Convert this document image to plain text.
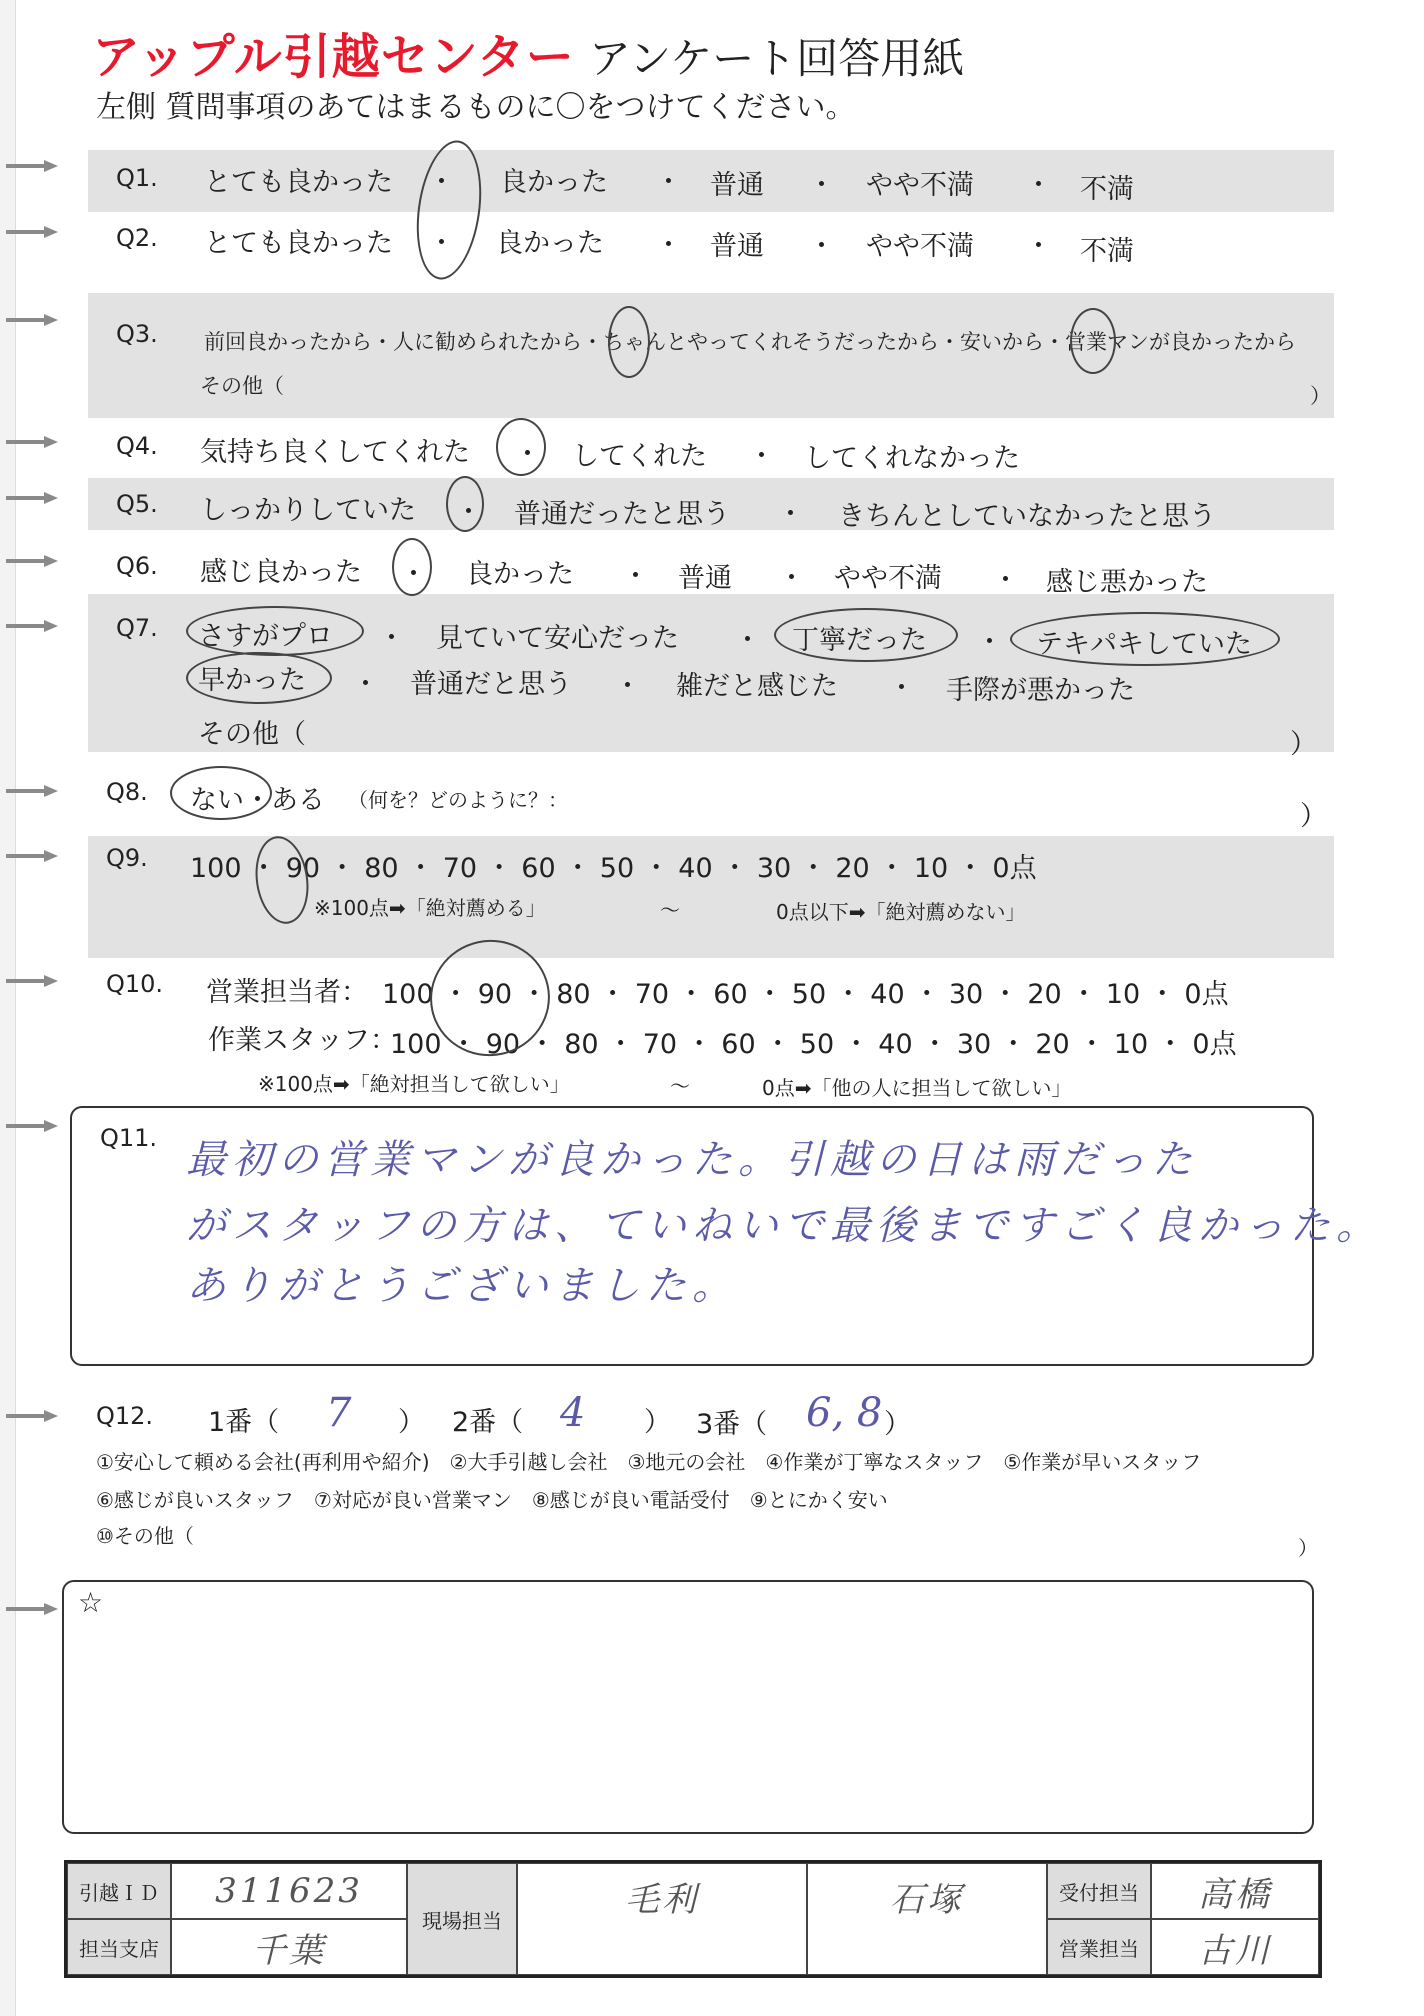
アップル引越センター アンケート回答用紙
左側 質問事項のあてはまるものに〇をつけてください。
Q1. とても良かった ・ 良かった ・ 普通 ・ やや不満 ・ 不満
Q2. とても良かった ・ 良かった ・ 普通 ・ やや不満 ・ 不満
Q3. 前回良かったから・人に勧められたから・ちゃんとやってくれそうだったから・安いから・営業マンが良かったから
その他（	）
Q4. 気持ち良くしてくれた ・ してくれた ・ してくれなかった
Q5. しっかりしていた ・ 普通だったと思う ・ きちんとしていなかったと思う
Q6. 感じ良かった ・ 良かった ・ 普通 ・ やや不満 ・ 感じ悪かった
Q7. さすがプロ ・ 見ていて安心だった ・ 丁寧だった ・ テキパキしていた
早かった ・ 普通だと思う ・ 雑だと感じた ・ 手際が悪かった
その他（	）
Q8. ない・ある （何を？どのように？：
）
Q9. 100 ・ 90 ・ 80 ・ 70 ・ 60 ・ 50 ・ 40 ・ 30 ・ 20 ・ 10 ・ 0点
※100点➡「絶対薦める」	～	0点以下➡「絶対薦めない」
Q10. 営業担当者： 100 ・ 90 ・ 80 ・ 70 ・ 60 ・ 50 ・ 40 ・ 30 ・ 20 ・ 10 ・ 0点
作業スタッフ：
100 ・ 90 ・ 80 ・ 70 ・ 60 ・ 50 ・ 40 ・ 30 ・ 20 ・ 10 ・ 0点
※100点➡「絶対担当して欲しい」	～	0点➡「他の人に担当して欲しい」
Q11. 最初の営業マンが良かった。引越の日は雨だった
がスタッフの方は、ていねいで最後まですごく良かった。
ありがとうございました。
Q12. 1番（ 7 ） 2番（ 4 ） 3番（ 6, 8 ）
①安心して頼める会社(再利用や紹介)　②大手引越し会社　③地元の会社　④作業が丁寧なスタッフ　⑤作業が早いスタッフ
⑥感じが良いスタッフ　⑦対応が良い営業マン　⑧感じが良い電話受付　⑨とにかく安い
⑩その他（	）
☆
引越ＩＤ	311623
担当支店	千葉
現場担当
毛利	石塚	受付担当	高橋
営業担当	古川
